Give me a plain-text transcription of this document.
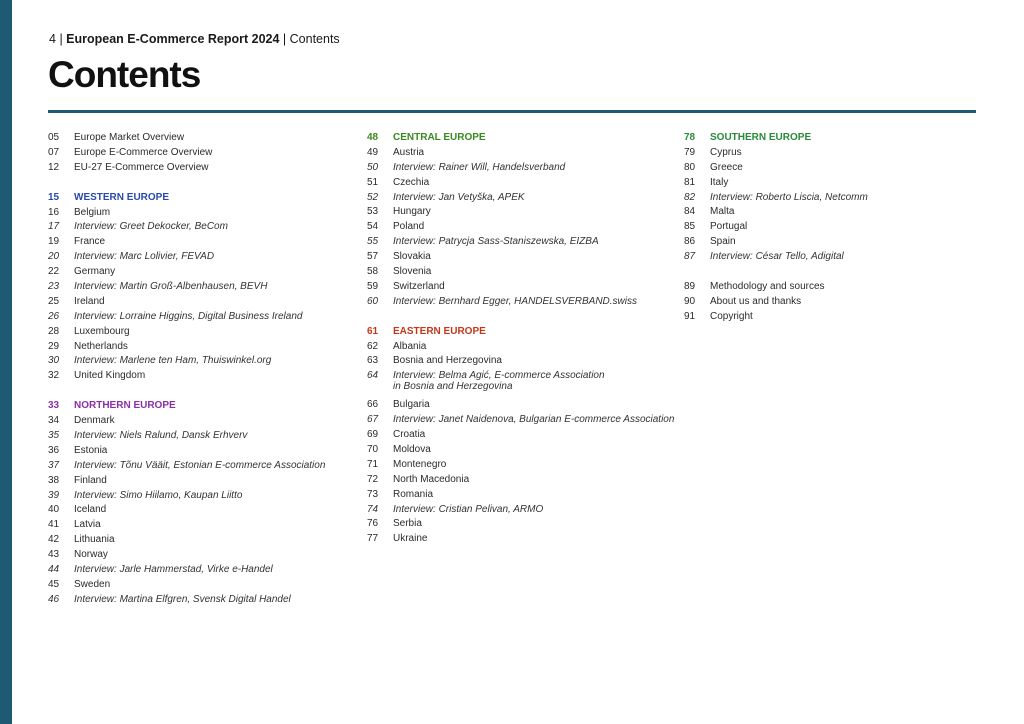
4 | European E-Commerce Report 2024 | Contents
Contents
05	Europe Market Overview
07	Europe E-Commerce Overview
12	EU-27 E-Commerce Overview
15	WESTERN EUROPE
16	Belgium
17	Interview: Greet Dekocker, BeCom
19	France
20	Interview: Marc Lolivier, FEVAD
22	Germany
23	Interview: Martin Groß-Albenhausen, BEVH
25	Ireland
26	Interview: Lorraine Higgins, Digital Business Ireland
28	Luxembourg
29	Netherlands
30	Interview: Marlene ten Ham, Thuiswinkel.org
32	United Kingdom
33	NORTHERN EUROPE
34	Denmark
35	Interview: Niels Ralund, Dansk Erhverv
36	Estonia
37	Interview: Tõnu Vääit, Estonian E-commerce Association
38	Finland
39	Interview: Simo Hiilamo, Kaupan Liitto
40	Iceland
41	Latvia
42	Lithuania
43	Norway
44	Interview: Jarle Hammerstad, Virke e-Handel
45	Sweden
46	Interview: Martina Elfgren, Svensk Digital Handel
48	CENTRAL EUROPE
49	Austria
50	Interview: Rainer Will, Handelsverband
51	Czechia
52	Interview: Jan Vetyška, APEK
53	Hungary
54	Poland
55	Interview: Patrycja Sass-Staniszewska, EIZBA
57	Slovakia
58	Slovenia
59	Switzerland
60	Interview: Bernhard Egger, HANDELSVERBAND.swiss
61	EASTERN EUROPE
62	Albania
63	Bosnia and Herzegovina
64	Interview: Belma Agić, E-commerce Association
in Bosnia and Herzegovina
66	Bulgaria
67	Interview: Janet Naidenova, Bulgarian E-commerce Association
69	Croatia
70	Moldova
71	Montenegro
72	North Macedonia
73	Romania
74	Interview: Cristian Pelivan, ARMO
76	Serbia
77	Ukraine
78	SOUTHERN EUROPE
79	Cyprus
80	Greece
81	Italy
82	Interview: Roberto Liscia, Netcomm
84	Malta
85	Portugal
86	Spain
87	Interview: César Tello, Adigital
89	Methodology and sources
90	About us and thanks
91	Copyright
